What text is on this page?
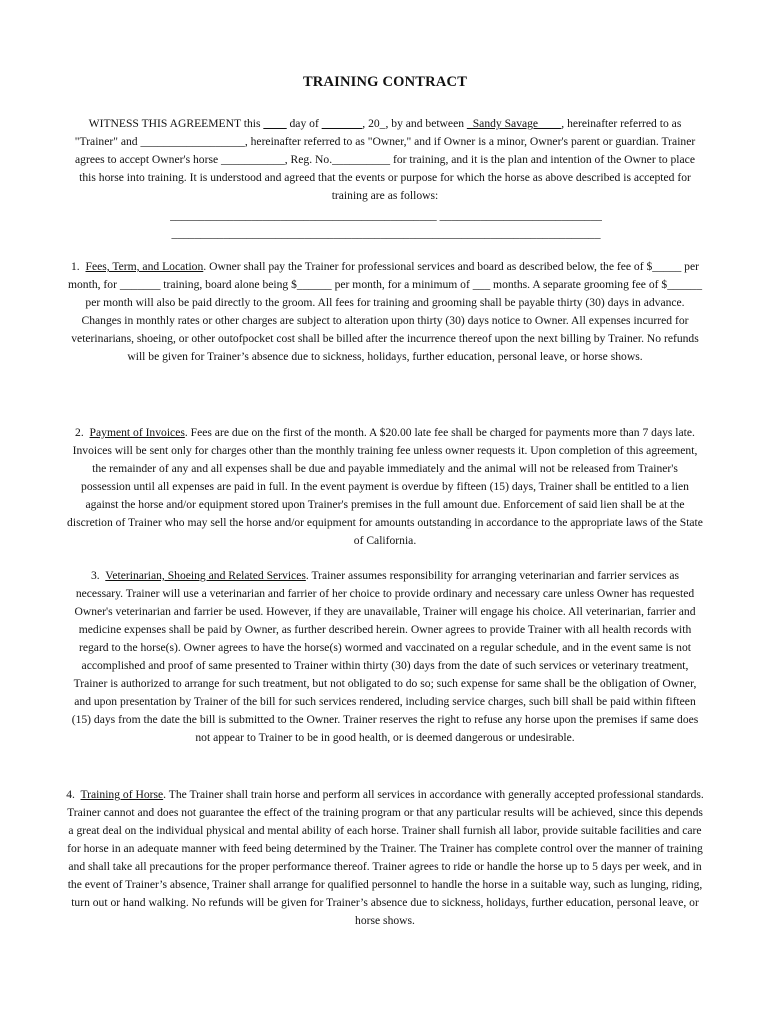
TRAINING CONTRACT

WITNESS THIS AGREEMENT this ____ day of _______, 20_, by and between _Sandy Savage____, hereinafter referred to as "Trainer" and __________________, hereinafter referred to as "Owner," and if Owner is a minor, Owner's parent or guardian. Trainer agrees to accept Owner's horse ___________, Reg. No.__________ for training, and it is the plan and intention of the Owner to place this horse into training. It is understood and agreed that the events or purpose for which the horse as above described is accepted for training are as follows:

______________________________________________ ____________________________
__________________________________________________________________________

1. Fees, Term, and Location. Owner shall pay the Trainer for professional services and board as described below, the fee of $_____ per month, for _______ training, board alone being $______ per month, for a minimum of ___ months. A separate grooming fee of $______ per month will also be paid directly to the groom. All fees for training and grooming shall be payable thirty (30) days in advance. Changes in monthly rates or other charges are subject to alteration upon thirty (30) days notice to Owner. All expenses incurred for veterinarians, shoeing, or other outofpocket cost shall be billed after the incurrence thereof upon the next billing by Trainer. No refunds will be given for Trainer’s absence due to sickness, holidays, further education, personal leave, or horse shows.

2. Payment of Invoices. Fees are due on the first of the month. A $20.00 late fee shall be charged for payments more than 7 days late. Invoices will be sent only for charges other than the monthly training fee unless owner requests it. Upon completion of this agreement, the remainder of any and all expenses shall be due and payable immediately and the animal will not be released from Trainer's possession until all expenses are paid in full. In the event payment is overdue by fifteen (15) days, Trainer shall be entitled to a lien against the horse and/or equipment stored upon Trainer's premises in the full amount due. Enforcement of said lien shall be at the discretion of Trainer who may sell the horse and/or equipment for amounts outstanding in accordance to the appropriate laws of the State of California.

3. Veterinarian, Shoeing and Related Services. Trainer assumes responsibility for arranging veterinarian and farrier services as necessary. Trainer will use a veterinarian and farrier of her choice to provide ordinary and necessary care unless Owner has requested Owner's veterinarian and farrier be used. However, if they are unavailable, Trainer will engage his choice. All veterinarian, farrier and medicine expenses shall be paid by Owner, as further described herein. Owner agrees to provide Trainer with all health records with regard to the horse(s). Owner agrees to have the horse(s) wormed and vaccinated on a regular schedule, and in the event same is not accomplished and proof of same presented to Trainer within thirty (30) days from the date of such services or veterinary treatment, Trainer is authorized to arrange for such treatment, but not obligated to do so; such expense for same shall be the obligation of Owner, and upon presentation by Trainer of the bill for such services rendered, including service charges, such bill shall be paid within fifteen (15) days from the date the bill is submitted to the Owner. Trainer reserves the right to refuse any horse upon the premises if same does not appear to Trainer to be in good health, or is deemed dangerous or undesirable.

4. Training of Horse. The Trainer shall train horse and perform all services in accordance with generally accepted professional standards. Trainer cannot and does not guarantee the effect of the training program or that any particular results will be achieved, since this depends a great deal on the individual physical and mental ability of each horse. Trainer shall furnish all labor, provide suitable facilities and care for horse in an adequate manner with feed being determined by the Trainer. The Trainer has complete control over the manner of training and shall take all precautions for the proper performance thereof. Trainer agrees to ride or handle the horse up to 5 days per week, and in the event of Trainer’s absence, Trainer shall arrange for qualified personnel to handle the horse in a suitable way, such as lunging, riding, turn out or hand walking. No refunds will be given for Trainer’s absence due to sickness, holidays, further education, personal leave, or horse shows.
